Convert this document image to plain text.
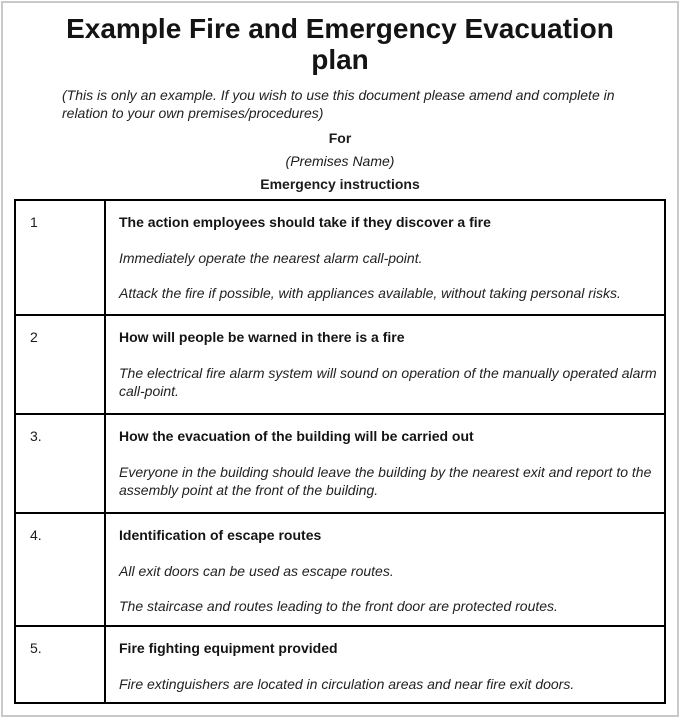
Example Fire and Emergency Evacuation plan

(This is only an example. If you wish to use this document please amend and complete in relation to your own premises/procedures)

For

(Premises Name)

Emergency instructions

1	The action employees should take if they discover a fire

Immediately operate the nearest alarm call-point.

Attack the fire if possible, with appliances available, without taking personal risks.

2	How will people be warned in there is a fire

The electrical fire alarm system will sound on operation of the manually operated alarm call-point.

3.	How the evacuation of the building will be carried out

Everyone in the building should leave the building by the nearest exit and report to the assembly point at the front of the building.

4.	Identification of escape routes

All exit doors can be used as escape routes.

The staircase and routes leading to the front door are protected routes.

5.	Fire fighting equipment provided

Fire extinguishers are located in circulation areas and near fire exit doors.
